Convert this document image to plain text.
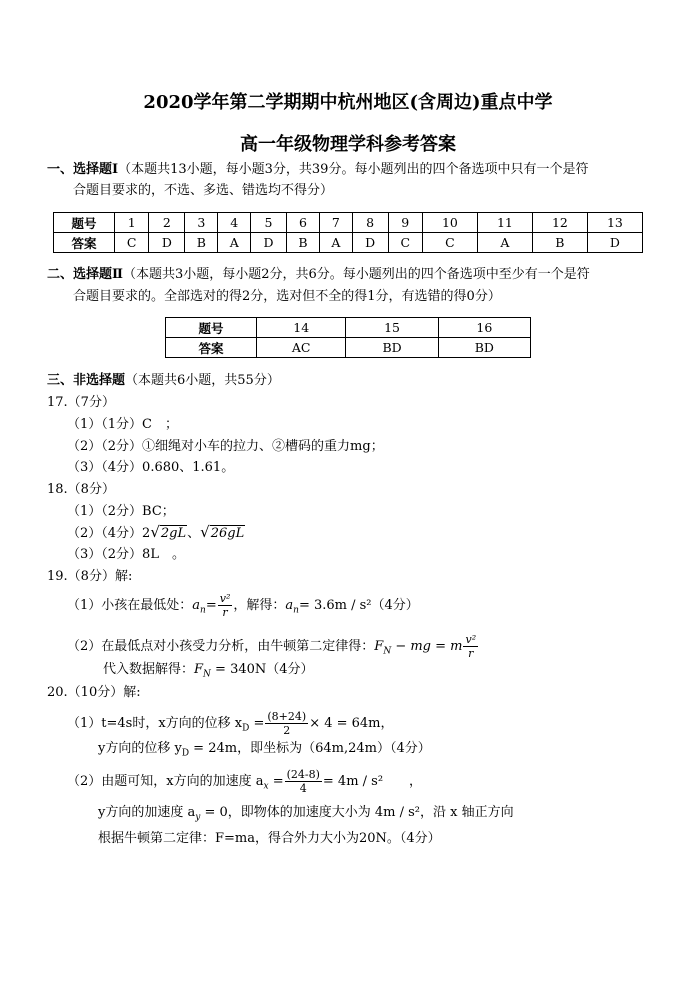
2020学年第二学期期中杭州地区(含周边)重点中学
高一年级物理学科参考答案
一、选择题Ⅰ（本题共13小题，每小题3分，共39分。每小题列出的四个备选项中只有一个是符
合题目要求的，不选、多选、错选均不得分）
题号	1	2	3	4	5	6	7	8	9	10	11	12	13
答案	C	D	B	A	D	B	A	D	C	C	A	B	D
二、选择题Ⅱ（本题共3小题，每小题2分，共6分。每小题列出的四个备选项中至少有一个是符
合题目要求的。全部选对的得2分，选对但不全的得1分，有选错的得0分）
题号	14	15	16
答案	AC	BD	BD
三、非选择题（本题共6小题，共55分）
17.（7分）
（1）（1分）C　；
（2）（2分）①细绳对小车的拉力、②槽码的重力mg；
（3）（4分）0.680、1.61。
18.（8分）
（1）（2分）BC；
（2）（4分）2√2gL、√26gL
（3）（2分）8L　。
19.（8分）解:
（1）小孩在最低处：$a_n= \frac{\text{v²}}{r}$ ，解得：$a_n= 3.6m / s^2(4$分）
（2）在最低点对小孩受力分析，由牛顿第二定律得：$F_N$ − mg = m $\frac{\text{v²}}{r}$
代入数据解得：$F_N = 340N(4$分）
20.（10分）解:
（1）t=4s时，x方向的位移 $x_D = \frac{(8+24)}{2} \times 4 = 64m$，
y方向的位移 $y_D = 24m$，即坐标为（64m,24m）（4分）
（2）由题可知，x方向的加速度 $a_x = \frac{(24-8)}{4} = 4m / s^2$　　，
y方向的加速度 $a_y = 0$，即物体的加速度大小为 4m / s²，沿 x 轴正方向
根据牛顿第二定律：F=ma，得合外力大小为20N。（4分）
